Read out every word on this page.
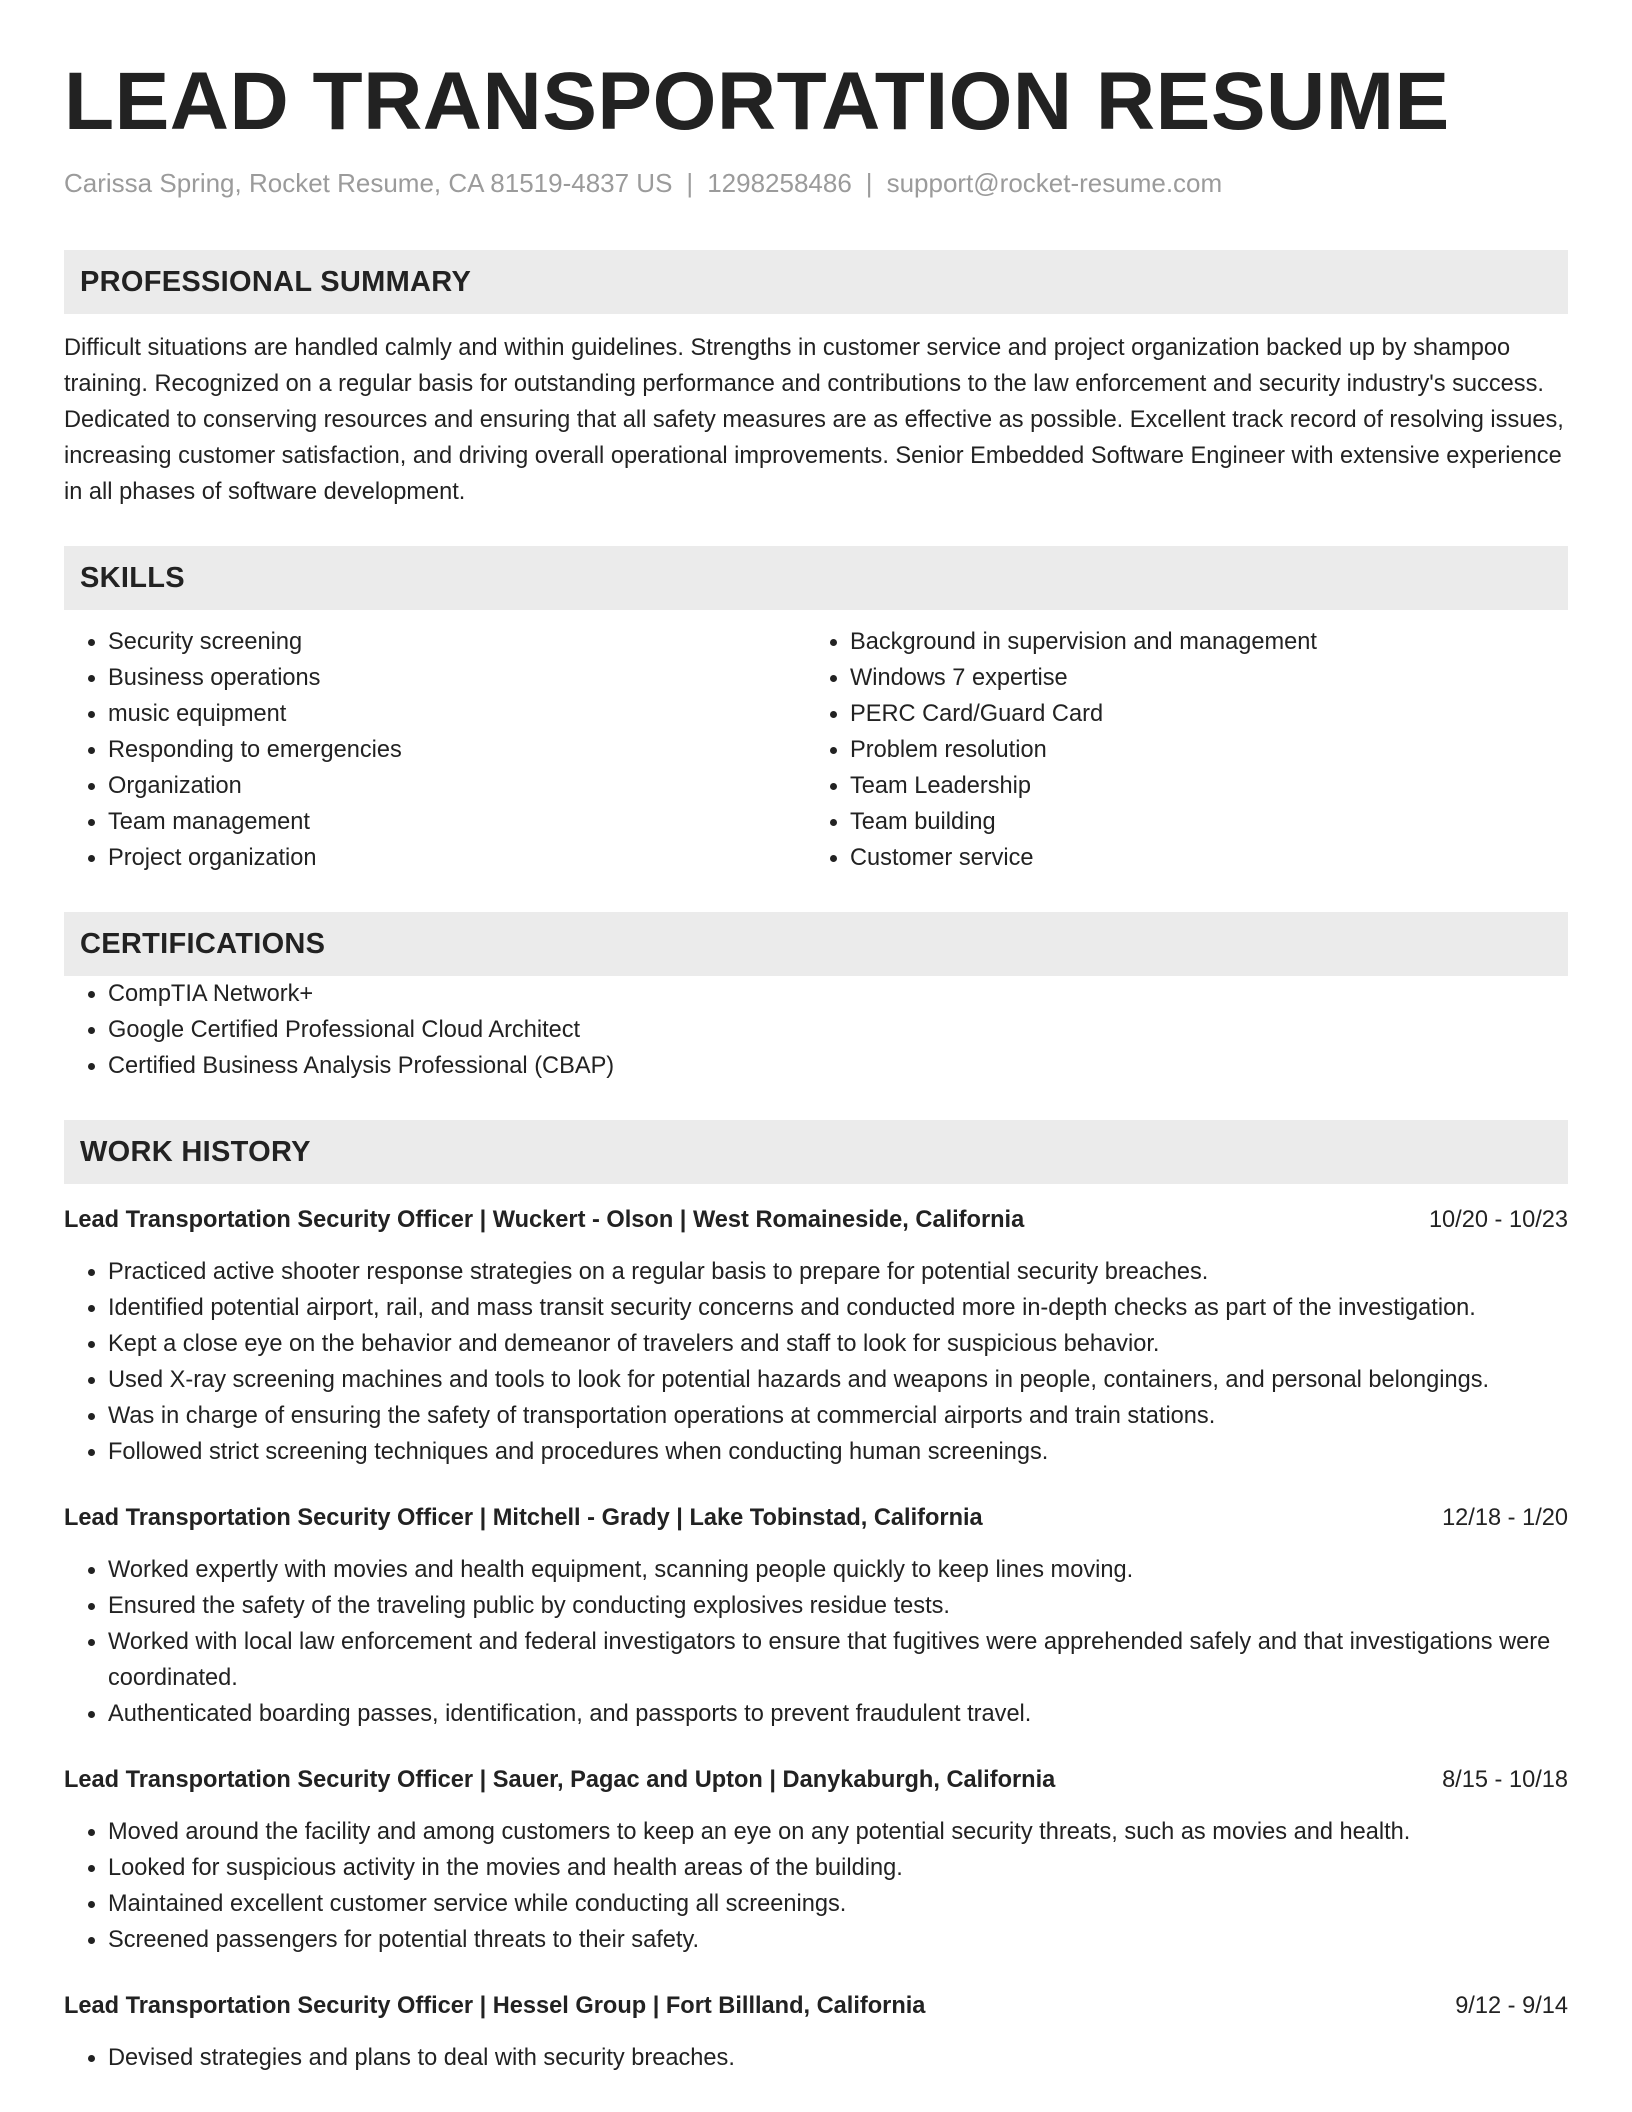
LEAD TRANSPORTATION RESUME
Carissa Spring, Rocket Resume, CA 81519-4837 US | 1298258486 | support@rocket-resume.com
PROFESSIONAL SUMMARY
Difficult situations are handled calmly and within guidelines. Strengths in customer service and project organization backed up by shampoo training. Recognized on a regular basis for outstanding performance and contributions to the law enforcement and security industry's success. Dedicated to conserving resources and ensuring that all safety measures are as effective as possible. Excellent track record of resolving issues, increasing customer satisfaction, and driving overall operational improvements. Senior Embedded Software Engineer with extensive experience in all phases of software development.
SKILLS
• Security screening
• Business operations
• music equipment
• Responding to emergencies
• Organization
• Team management
• Project organization
• Background in supervision and management
• Windows 7 expertise
• PERC Card/Guard Card
• Problem resolution
• Team Leadership
• Team building
• Customer service
CERTIFICATIONS
• CompTIA Network+
• Google Certified Professional Cloud Architect
• Certified Business Analysis Professional (CBAP)
WORK HISTORY
Lead Transportation Security Officer | Wuckert - Olson | West Romaineside, California	10/20 - 10/23
• Practiced active shooter response strategies on a regular basis to prepare for potential security breaches.
• Identified potential airport, rail, and mass transit security concerns and conducted more in-depth checks as part of the investigation.
• Kept a close eye on the behavior and demeanor of travelers and staff to look for suspicious behavior.
• Used X-ray screening machines and tools to look for potential hazards and weapons in people, containers, and personal belongings.
• Was in charge of ensuring the safety of transportation operations at commercial airports and train stations.
• Followed strict screening techniques and procedures when conducting human screenings.
Lead Transportation Security Officer | Mitchell - Grady | Lake Tobinstad, California	12/18 - 1/20
• Worked expertly with movies and health equipment, scanning people quickly to keep lines moving.
• Ensured the safety of the traveling public by conducting explosives residue tests.
• Worked with local law enforcement and federal investigators to ensure that fugitives were apprehended safely and that investigations were coordinated.
• Authenticated boarding passes, identification, and passports to prevent fraudulent travel.
Lead Transportation Security Officer | Sauer, Pagac and Upton | Danykaburgh, California	8/15 - 10/18
• Moved around the facility and among customers to keep an eye on any potential security threats, such as movies and health.
• Looked for suspicious activity in the movies and health areas of the building.
• Maintained excellent customer service while conducting all screenings.
• Screened passengers for potential threats to their safety.
Lead Transportation Security Officer | Hessel Group | Fort Billland, California	9/12 - 9/14
• Devised strategies and plans to deal with security breaches.
